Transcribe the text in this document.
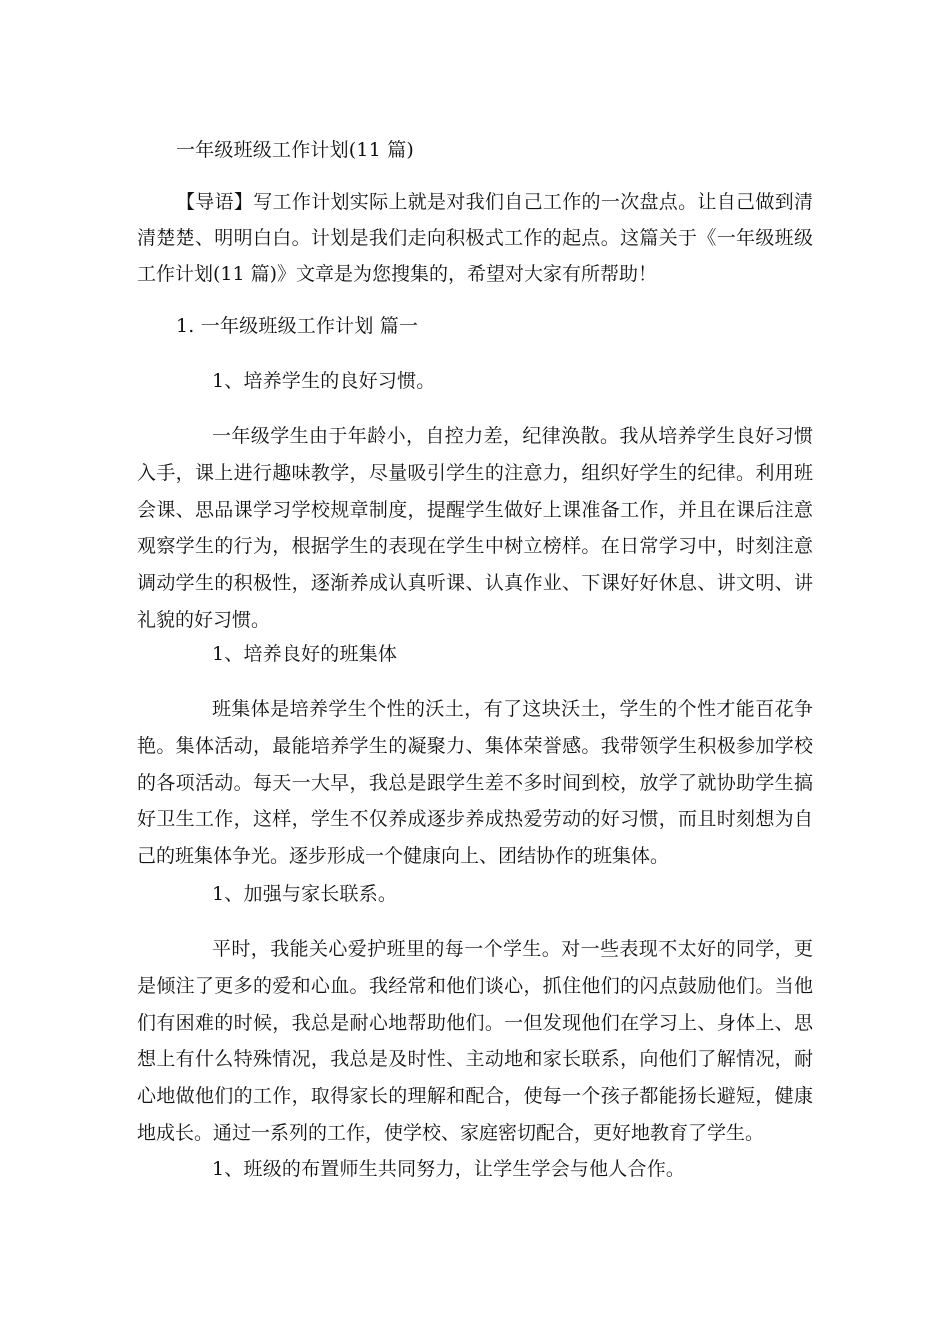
一年级班级工作计划(11 篇)
【导语】写工作计划实际上就是对我们自己工作的一次盘点。让自己做到清清楚楚、明明白白。计划是我们走向积极式工作的起点。这篇关于《一年级班级工作计划(11 篇)》文章是为您搜集的，希望对大家有所帮助！
1. 一年级班级工作计划 篇一
1、培养学生的良好习惯。
一年级学生由于年龄小，自控力差，纪律涣散。我从培养学生良好习惯入手，课上进行趣味教学，尽量吸引学生的注意力，组织好学生的纪律。利用班会课、思品课学习学校规章制度，提醒学生做好上课准备工作，并且在课后注意观察学生的行为，根据学生的表现在学生中树立榜样。在日常学习中，时刻注意调动学生的积极性，逐渐养成认真听课、认真作业、下课好好休息、讲文明、讲礼貌的好习惯。
1、培养良好的班集体
班集体是培养学生个性的沃土，有了这块沃土，学生的个性才能百花争艳。集体活动，最能培养学生的凝聚力、集体荣誉感。我带领学生积极参加学校的各项活动。每天一大早，我总是跟学生差不多时间到校，放学了就协助学生搞好卫生工作，这样，学生不仅养成逐步养成热爱劳动的好习惯，而且时刻想为自己的班集体争光。逐步形成一个健康向上、团结协作的班集体。
1、加强与家长联系。
平时，我能关心爱护班里的每一个学生。对一些表现不太好的同学，更是倾注了更多的爱和心血。我经常和他们谈心，抓住他们的闪点鼓励他们。当他们有困难的时候，我总是耐心地帮助他们。一但发现他们在学习上、身体上、思想上有什么特殊情况，我总是及时性、主动地和家长联系，向他们了解情况，耐心地做他们的工作，取得家长的理解和配合，使每一个孩子都能扬长避短，健康地成长。通过一系列的工作，使学校、家庭密切配合，更好地教育了学生。
1、班级的布置师生共同努力，让学生学会与他人合作。
